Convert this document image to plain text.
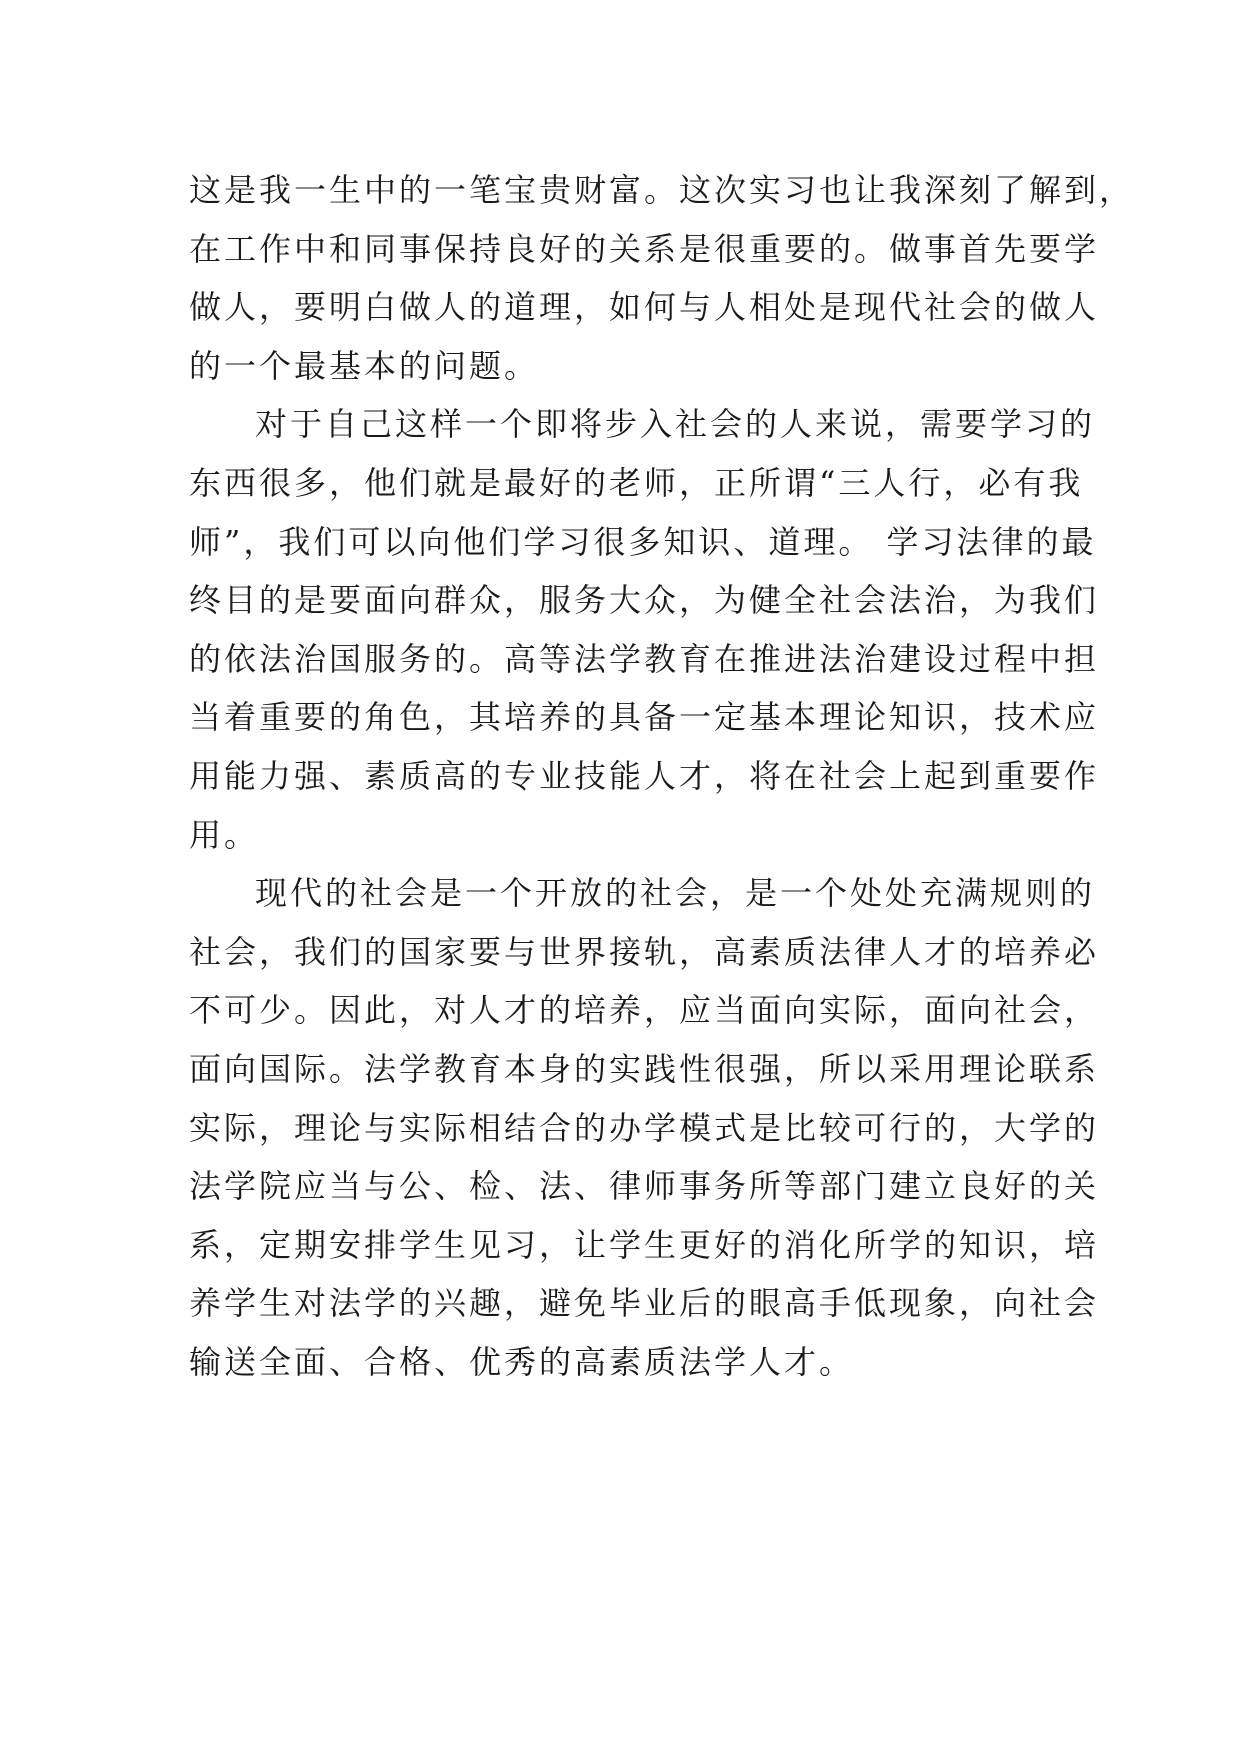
这是我一生中的一笔宝贵财富。这次实习也让我深刻了解到，
在工作中和同事保持良好的关系是很重要的。做事首先要学
做人，要明白做人的道理，如何与人相处是现代社会的做人
的一个最基本的问题。
对于自己这样一个即将步入社会的人来说，需要学习的
东西很多，他们就是最好的老师，正所谓“三人行，必有我
师”，我们可以向他们学习很多知识、道理。 学习法律的最
终目的是要面向群众，服务大众，为健全社会法治，为我们
的依法治国服务的。高等法学教育在推进法治建设过程中担
当着重要的角色，其培养的具备一定基本理论知识，技术应
用能力强、素质高的专业技能人才，将在社会上起到重要作
用。
现代的社会是一个开放的社会，是一个处处充满规则的
社会，我们的国家要与世界接轨，高素质法律人才的培养必
不可少。因此，对人才的培养，应当面向实际，面向社会，
面向国际。法学教育本身的实践性很强，所以采用理论联系
实际，理论与实际相结合的办学模式是比较可行的，大学的
法学院应当与公、检、法、律师事务所等部门建立良好的关
系，定期安排学生见习，让学生更好的消化所学的知识，培
养学生对法学的兴趣，避免毕业后的眼高手低现象，向社会
输送全面、合格、优秀的高素质法学人才。
